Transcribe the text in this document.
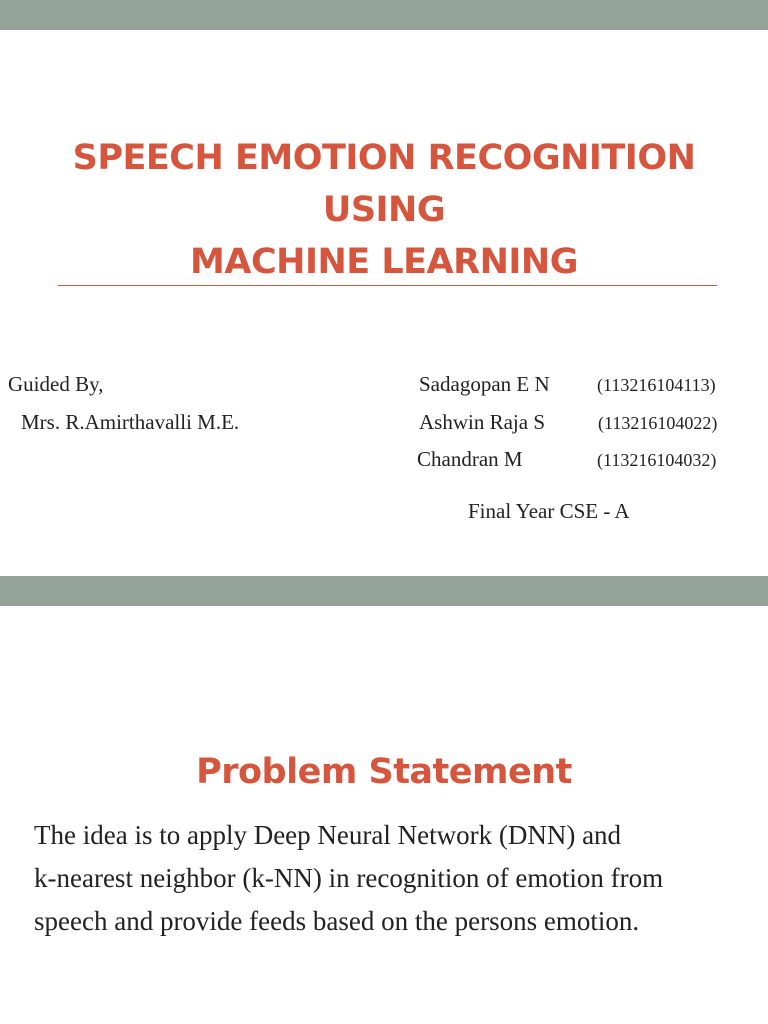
SPEECH EMOTION RECOGNITION
USING
MACHINE LEARNING
Guided By,
Mrs. R.Amirthavalli M.E.
Sadagopan E N	(113216104113)
Ashwin Raja S	(113216104022)
Chandran M	(113216104032)
Final Year CSE - A
Problem Statement
The idea is to apply Deep Neural Network (DNN) and
k-nearest neighbor (k-NN) in recognition of emotion from
speech and provide feeds based on the persons emotion.
